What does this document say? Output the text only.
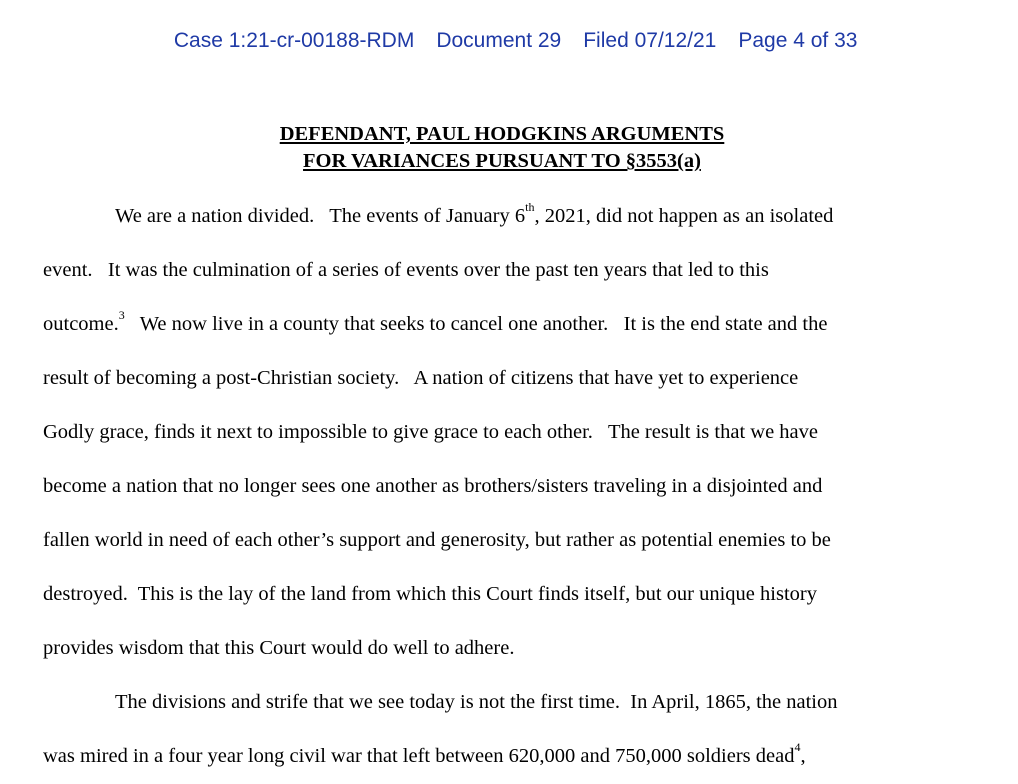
Case 1:21-cr-00188-RDM Document 29 Filed 07/12/21 Page 4 of 33

DEFENDANT, PAUL HODGKINS ARGUMENTS
FOR VARIANCES PURSUANT TO §3553(a)
We are a nation divided.   The events of January 6th, 2021, did not happen as an isolated
event.   It was the culmination of a series of events over the past ten years that led to this
outcome.$^3$   We now live in a county that seeks to cancel one another.   It is the end state and the
result of becoming a post-Christian society.   A nation of citizens that have yet to experience
Godly grace, finds it next to impossible to give grace to each other.   The result is that we have
become a nation that no longer sees one another as brothers/sisters traveling in a disjointed and
fallen world in need of each other’s support and generosity, but rather as potential enemies to be
destroyed.  This is the lay of the land from which this Court finds itself, but our unique history
provides wisdom that this Court would do well to adhere.
The divisions and strife that we see today is not the first time.  In April, 1865, the nation
was mired in a four year long civil war that left between 620,000 and 750,000 soldiers dead$^4$,
